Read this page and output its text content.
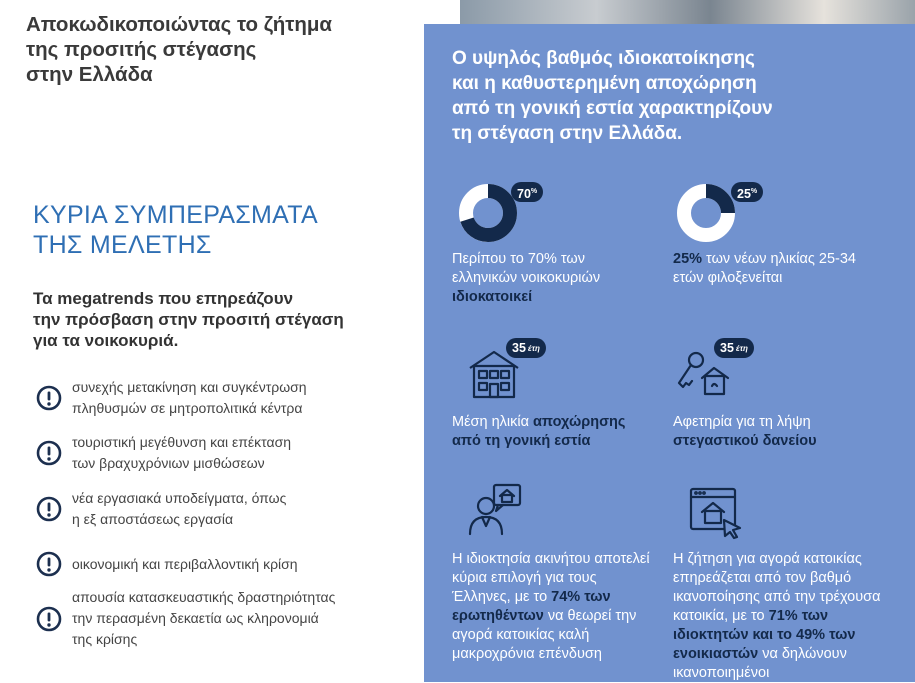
Αποκωδικοποιώντας το ζήτημα
της προσιτής στέγασης
στην Ελλάδα
ΚΥΡΙΑ ΣΥΜΠΕΡΑΣΜΑΤΑ
ΤΗΣ ΜΕΛΕΤΗΣ

Τα megatrends που επηρεάζουν
την πρόσβαση στην προσιτή στέγαση
για τα νοικοκυριά.

συνεχής μετακίνηση και συγκέντρωση
πληθυσμών σε μητροπολιτικά κέντρα
τουριστική μεγέθυνση και επέκταση
των βραχυχρόνιων μισθώσεων
νέα εργασιακά υποδείγματα, όπως
η εξ αποστάσεως εργασία
οικονομική και περιβαλλοντική κρίση
απουσία κατασκευαστικής δραστηριότητας
την περασμένη δεκαετία ως κληρονομιά
της κρίσης
Ο υψηλός βαθμός ιδιοκατοίκησης
και η καθυστερημένη αποχώρηση
από τη γονική εστία χαρακτηρίζουν
τη στέγαση στην Ελλάδα.
70%
Περίπου το 70% των ελληνικών νοικοκυριών ιδιοκατοικεί
25%
25% των νέων ηλικίας 25-34 ετών φιλοξενείται
35 έτη
Μέση ηλικία αποχώρησης από τη γονική εστία
35 έτη
Αφετηρία για τη λήψη στεγαστικού δανείου
Η ιδιοκτησία ακινήτου αποτελεί κύρια επιλογή για τους Έλληνες, με το 74% των ερωτηθέντων να θεωρεί την αγορά κατοικίας καλή μακροχρόνια επένδυση
Η ζήτηση για αγορά κατοικίας επηρεάζεται από τον βαθμό ικανοποίησης από την τρέχουσα κατοικία, με το 71% των ιδιοκτητών και το 49% των ενοικιαστών να δηλώνουν ικανοποιημένοι
